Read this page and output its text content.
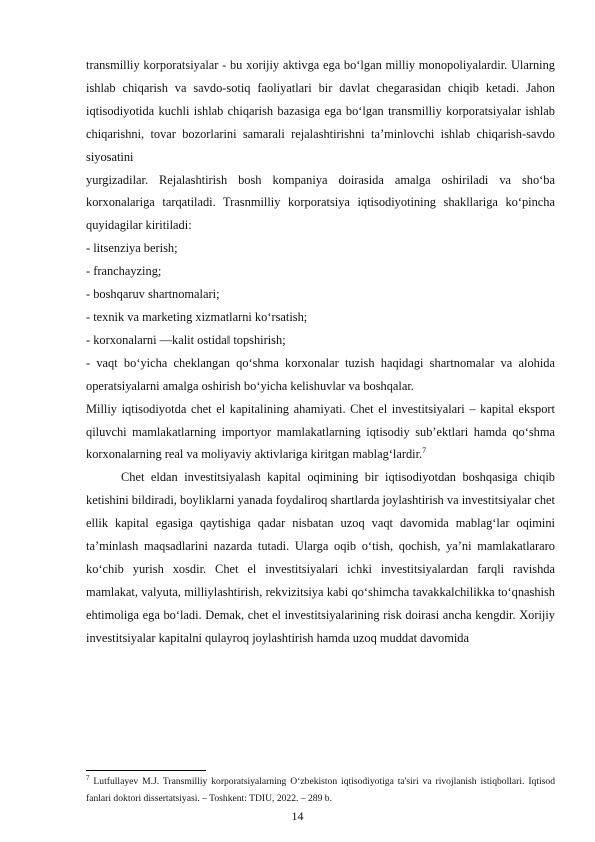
transmilliy korporatsiyalar - bu xorijiy aktivga ega bo‘lgan milliy monopoliyalardir. Ularning ishlab chiqarish va savdo-sotiq faoliyatlari bir davlat chegarasidan chiqib ketadi. Jahon iqtisodiyotida kuchli ishlab chiqarish bazasiga ega bo‘lgan transmilliy korporatsiyalar ishlab chiqarishni, tovar bozorlarini samarali rejalashtirishni ta’minlovchi ishlab chiqarish-savdo siyosatini

yurgizadilar. Rejalashtirish bosh kompaniya doirasida amalga oshiriladi va sho‘ba korxonalariga tarqatiladi. Trasnmilliy korporatsiya iqtisodiyotining shakllariga ko‘pincha quyidagilar kiritiladi:

- litsenziya berish;

- franchayzing;

- boshqaruv shartnomalari;

- texnik va marketing xizmatlarni ko‘rsatish;

- korxonalarni ―kalit ostida‖ topshirish;

- vaqt bo‘yicha cheklangan qo‘shma korxonalar tuzish haqidagi shartnomalar va alohida operatsiyalarni amalga oshirish bo‘yicha kelishuvlar va boshqalar.

Milliy iqtisodiyotda chet el kapitalining ahamiyati. Chet el investitsiyalari – kapital eksport qiluvchi mamlakatlarning importyor mamlakatlarning iqtisodiy sub’ektlari hamda qo‘shma korxonalarning real va moliyaviy aktivlariga kiritgan mablag‘lardir.$^7$

Chet eldan investitsiyalash kapital oqimining bir iqtisodiyotdan boshqasiga chiqib ketishini bildiradi, boyliklarni yanada foydaliroq shartlarda joylashtirish va investitsiyalar chet ellik kapital egasiga qaytishiga qadar nisbatan uzoq vaqt davomida mablag‘lar oqimini ta’minlash maqsadlarini nazarda tutadi. Ularga oqib o‘tish, qochish, ya’ni mamlakatlararo ko‘chib yurish xosdir. Chet el investitsiyalari ichki investitsiyalardan farqli ravishda mamlakat, valyuta, milliylashtirish, rekvizitsiya kabi qo‘shimcha tavakkalchilikka to‘qnashish ehtimoliga ega bo‘ladi. Demak, chet el investitsiyalarining risk doirasi ancha kengdir. Xorijiy investitsiyalar kapitalni qulayroq joylashtirish hamda uzoq muddat davomida

$^7$ Lutfullayev M.J. Transmilliy korporatsiyalarning O‘zbekiston iqtisodiyotiga ta'siri va rivojlanish istiqbollari. Iqtisod fanlari doktori dissertatsiyasi. – Toshkent: TDIU, 2022. – 289 b.
14
